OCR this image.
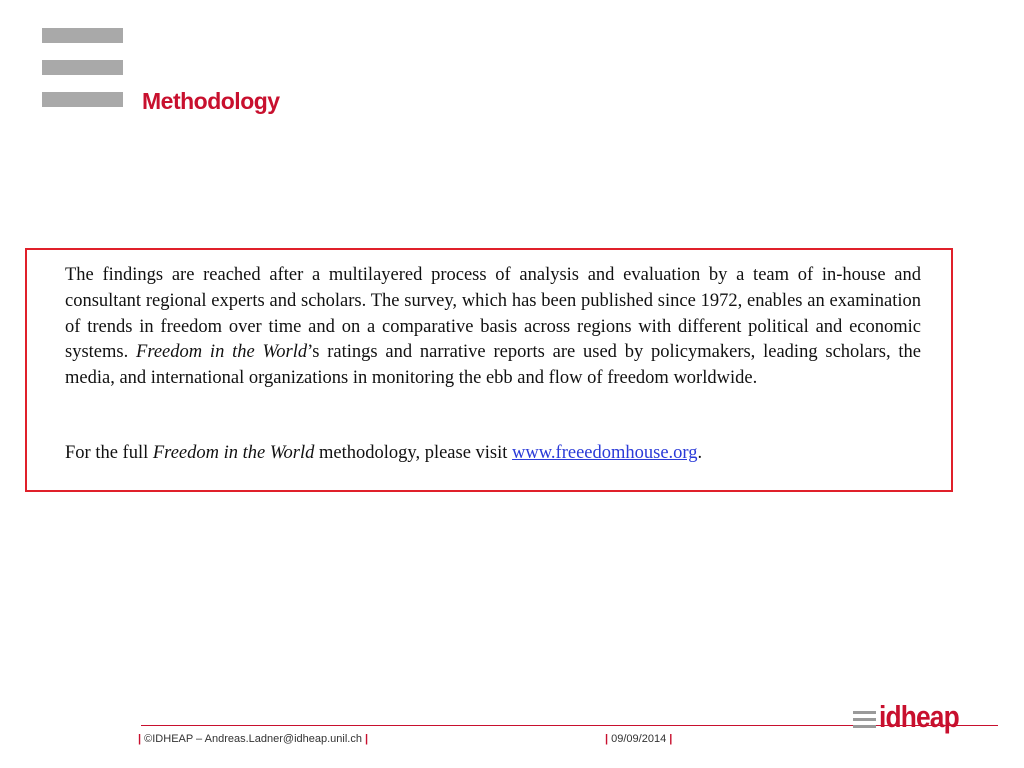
Methodology

The findings are reached after a multilayered process of analysis and evaluation by a team of in-house and consultant regional experts and scholars. The survey, which has been published since 1972, enables an examination of trends in freedom over time and on a comparative basis across regions with different political and economic systems. Freedom in the World’s ratings and narrative reports are used by policymakers, leading scholars, the media, and international organizations in monitoring the ebb and flow of freedom worldwide.

For the full Freedom in the World methodology, please visit www.freeedomhouse.org.

| ©IDHEAP – Andreas.Ladner@idheap.unil.ch |	| 09/09/2014 |
idheap
